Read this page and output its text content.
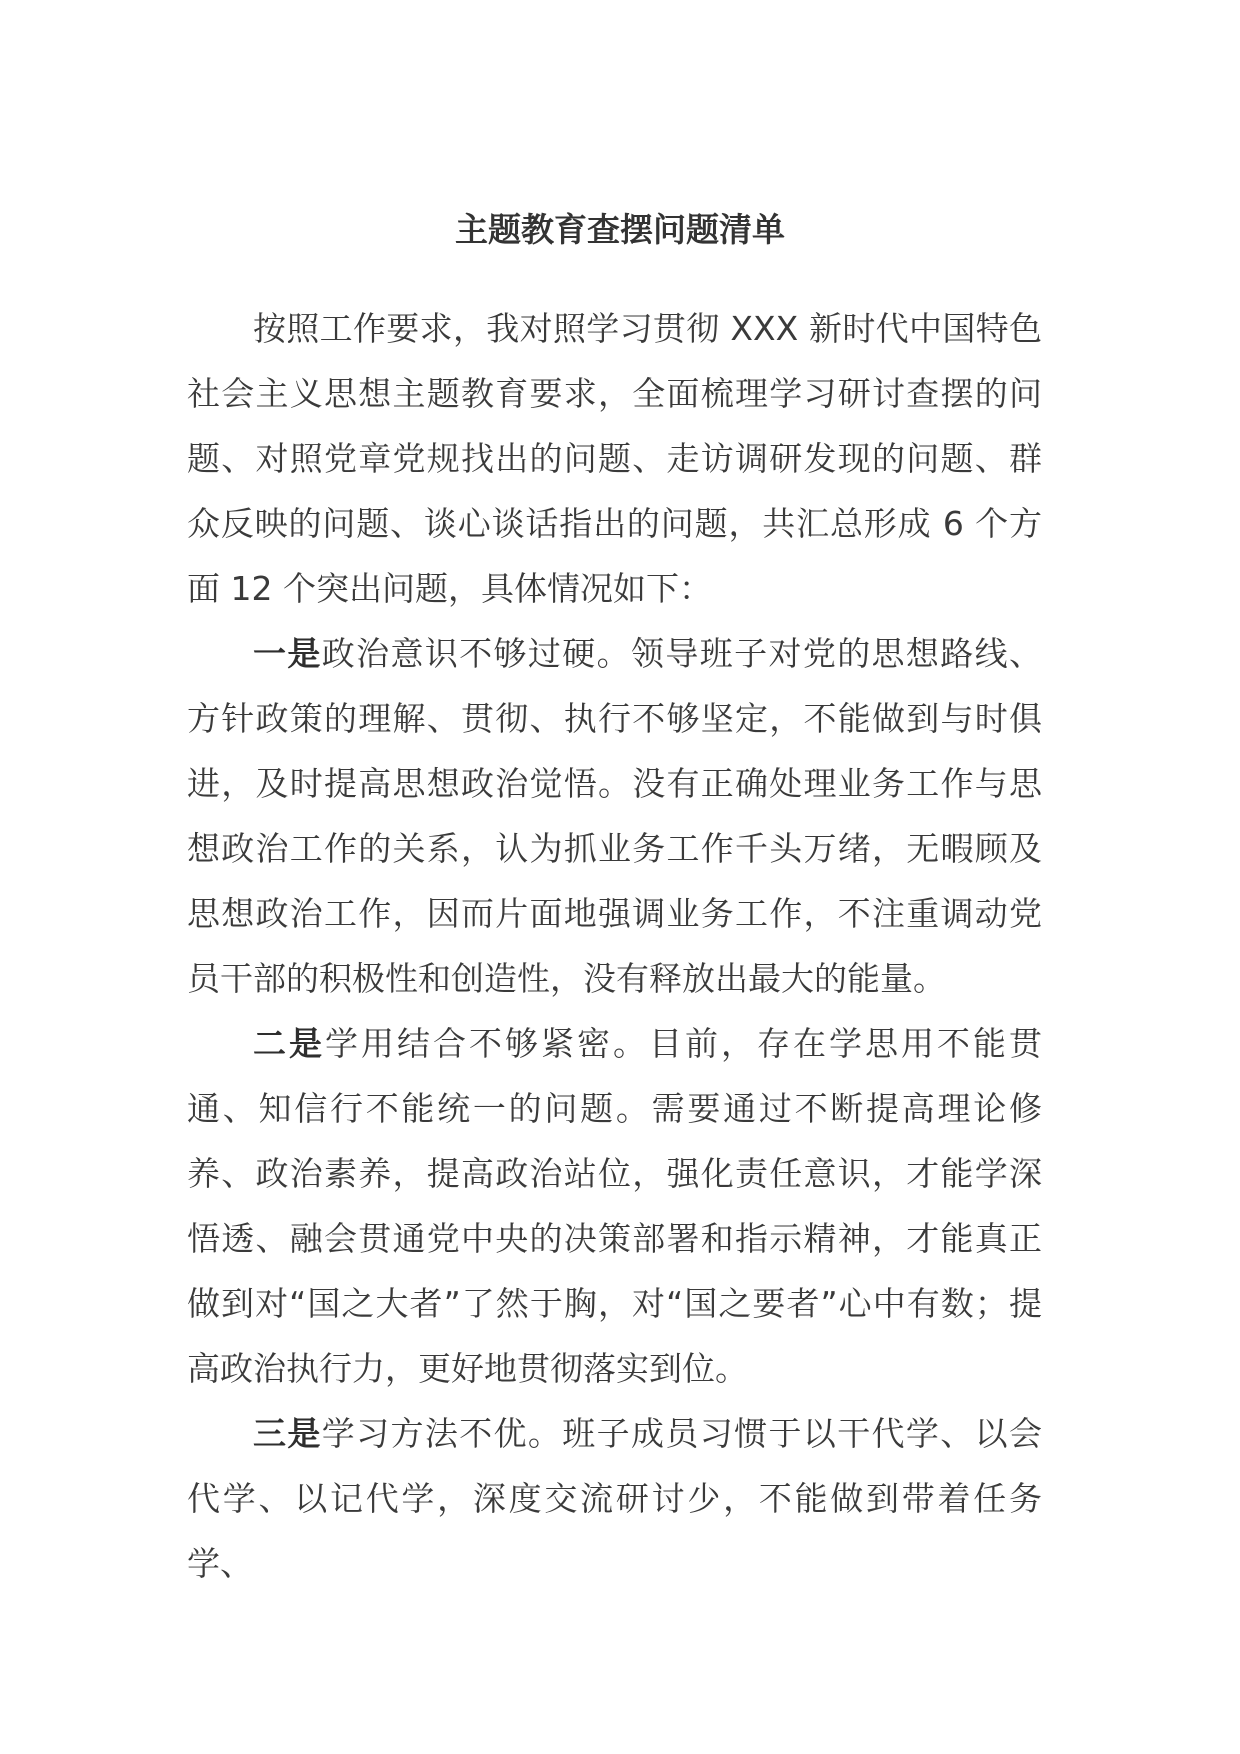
主题教育查摆问题清单

按照工作要求，我对照学习贯彻 XXX 新时代中国特色社会主义思想主题教育要求，全面梳理学习研讨查摆的问题、对照党章党规找出的问题、走访调研发现的问题、群众反映的问题、谈心谈话指出的问题，共汇总形成 6 个方面 12 个突出问题，具体情况如下：

一是政治意识不够过硬。领导班子对党的思想路线、方针政策的理解、贯彻、执行不够坚定，不能做到与时俱进，及时提高思想政治觉悟。没有正确处理业务工作与思想政治工作的关系，认为抓业务工作千头万绪，无暇顾及思想政治工作，因而片面地强调业务工作，不注重调动党员干部的积极性和创造性，没有释放出最大的能量。

二是学用结合不够紧密。目前，存在学思用不能贯通、知信行不能统一的问题。需要通过不断提高理论修养、政治素养，提高政治站位，强化责任意识，才能学深悟透、融会贯通党中央的决策部署和指示精神，才能真正做到对“国之大者”了然于胸，对“国之要者”心中有数；提高政治执行力，更好地贯彻落实到位。

三是学习方法不优。班子成员习惯于以干代学、以会代学、以记代学，深度交流研讨少，不能做到带着任务学、
